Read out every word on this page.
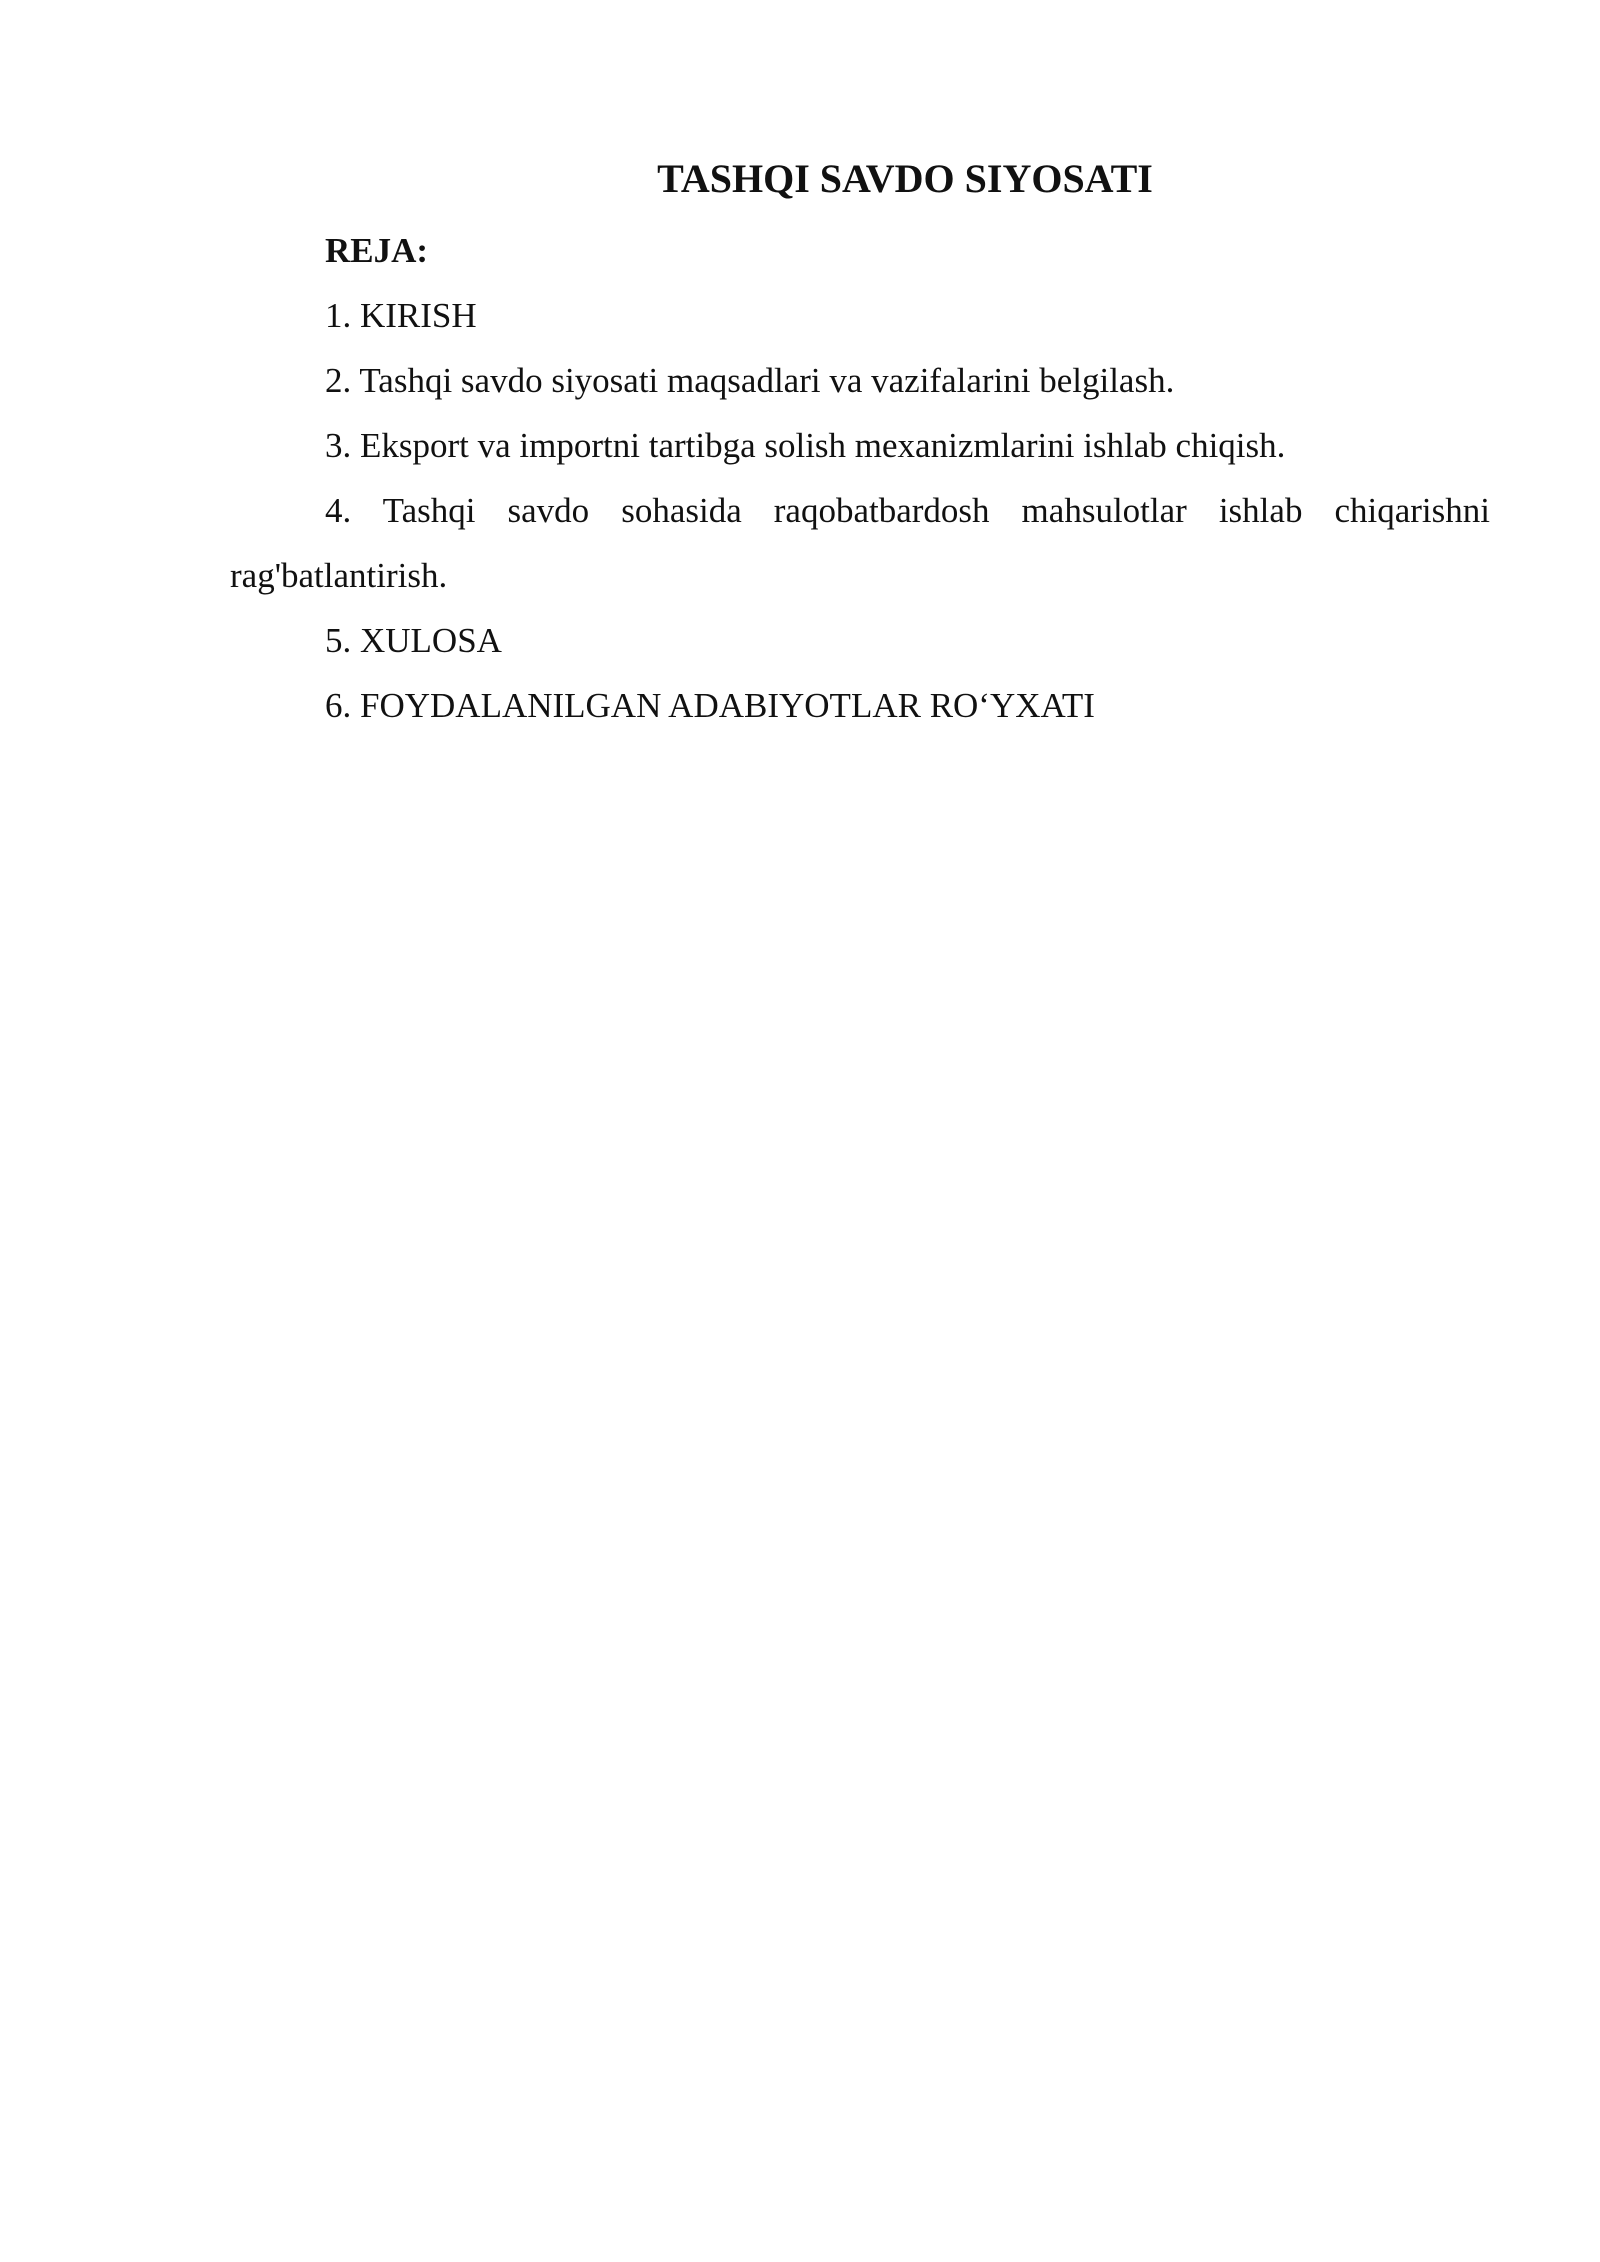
TASHQI SAVDO SIYOSATI

REJA:

1. KIRISH

2. Tashqi savdo siyosati maqsadlari va vazifalarini belgilash.

3. Eksport va importni tartibga solish mexanizmlarini ishlab chiqish.

4. Tashqi savdo sohasida raqobatbardosh mahsulotlar ishlab chiqarishni rag'batlantirish.

5. XULOSA

6. FOYDALANILGAN ADABIYOTLAR RO‘YXATI
